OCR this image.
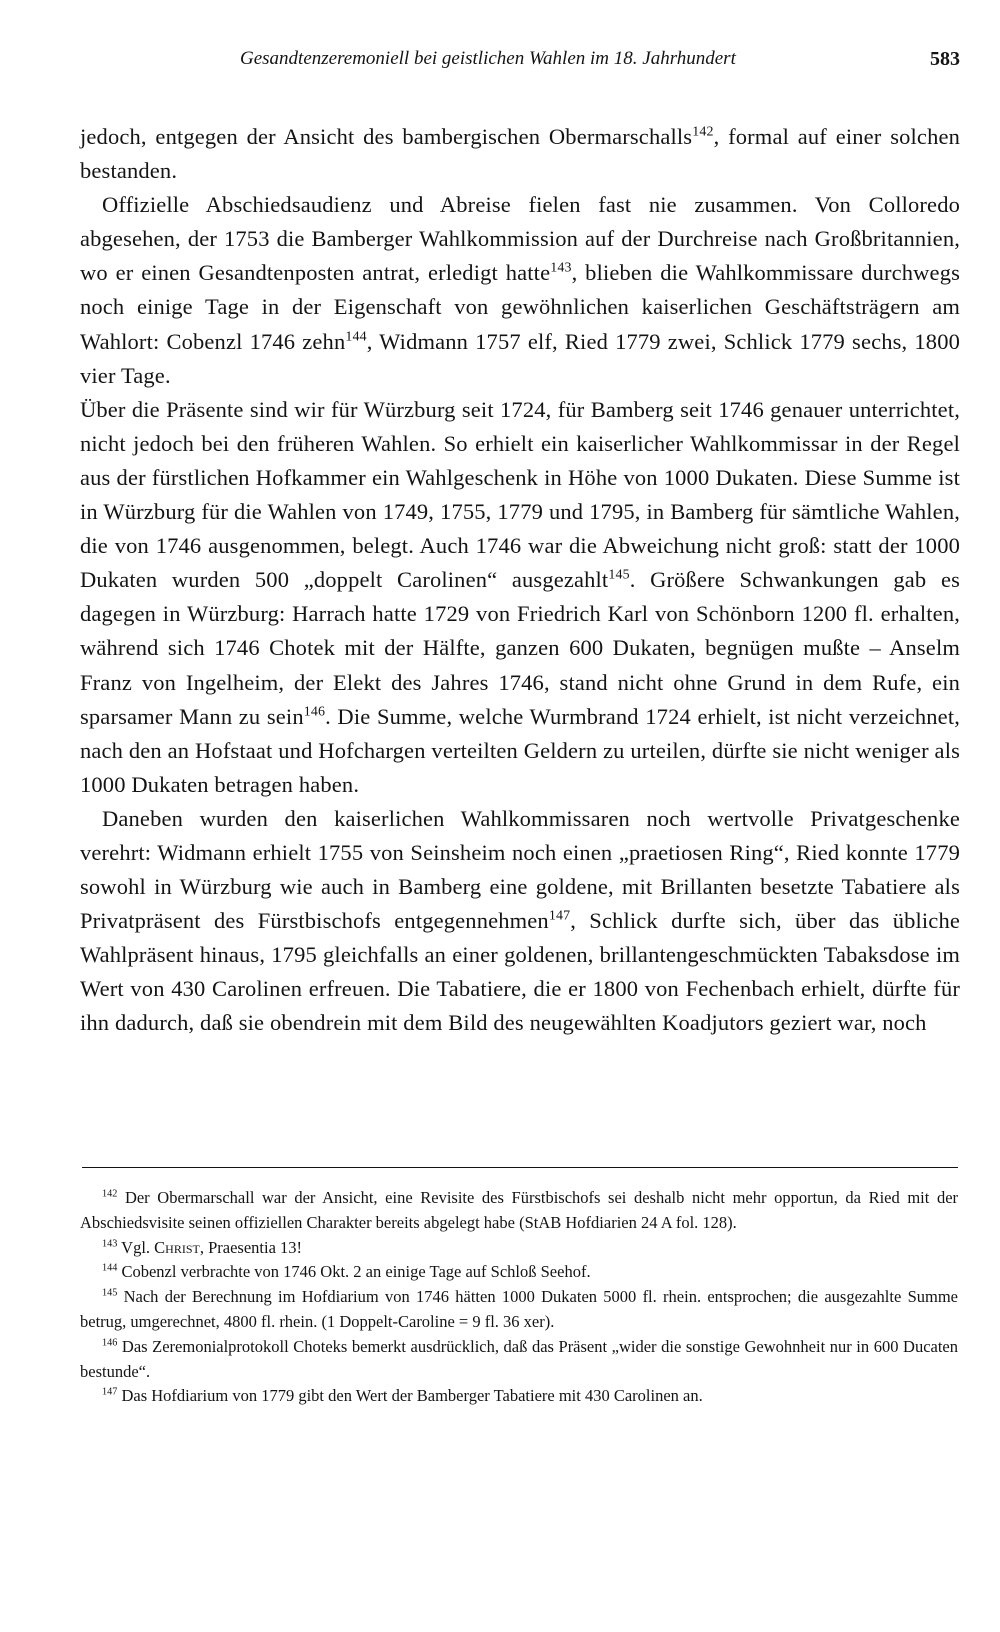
Gesandtenzeremoniell bei geistlichen Wahlen im 18. Jahrhundert	583

jedoch, entgegen der Ansicht des bambergischen Obermarschalls$^{142}$, formal auf einer solchen bestanden.

Offizielle Abschiedsaudienz und Abreise fielen fast nie zusammen. Von Colloredo abgesehen, der 1753 die Bamberger Wahlkommission auf der Durchreise nach Großbritannien, wo er einen Gesandtenposten antrat, erledigt hatte$^{143}$, blieben die Wahlkommissare durchwegs noch einige Tage in der Eigenschaft von gewöhnlichen kaiserlichen Geschäftsträgern am Wahlort: Cobenzl 1746 zehn$^{144}$, Widmann 1757 elf, Ried 1779 zwei, Schlick 1779 sechs, 1800 vier Tage.

Über die Präsente sind wir für Würzburg seit 1724, für Bamberg seit 1746 genauer unterrichtet, nicht jedoch bei den früheren Wahlen. So erhielt ein kaiserlicher Wahlkommissar in der Regel aus der fürstlichen Hofkammer ein Wahlgeschenk in Höhe von 1000 Dukaten. Diese Summe ist in Würzburg für die Wahlen von 1749, 1755, 1779 und 1795, in Bamberg für sämtliche Wahlen, die von 1746 ausgenommen, belegt. Auch 1746 war die Abweichung nicht groß: statt der 1000 Dukaten wurden 500 „doppelt Carolinen“ ausgezahlt$^{145}$. Größere Schwankungen gab es dagegen in Würzburg: Harrach hatte 1729 von Friedrich Karl von Schönborn 1200 fl. erhalten, während sich 1746 Chotek mit der Hälfte, ganzen 600 Dukaten, begnügen mußte – Anselm Franz von Ingelheim, der Elekt des Jahres 1746, stand nicht ohne Grund in dem Rufe, ein sparsamer Mann zu sein$^{146}$. Die Summe, welche Wurmbrand 1724 erhielt, ist nicht verzeichnet, nach den an Hofstaat und Hofchargen verteilten Geldern zu urteilen, dürfte sie nicht weniger als 1000 Dukaten betragen haben.

Daneben wurden den kaiserlichen Wahlkommissaren noch wertvolle Privatgeschenke verehrt: Widmann erhielt 1755 von Seinsheim noch einen „praetiosen Ring“, Ried konnte 1779 sowohl in Würzburg wie auch in Bamberg eine goldene, mit Brillanten besetzte Tabatiere als Privatpräsent des Fürstbischofs entgegennehmen$^{147}$, Schlick durfte sich, über das übliche Wahlpräsent hinaus, 1795 gleichfalls an einer goldenen, brillantengeschmückten Tabaksdose im Wert von 430 Carolinen erfreuen. Die Tabatiere, die er 1800 von Fechenbach erhielt, dürfte für ihn dadurch, daß sie obendrein mit dem Bild des neugewählten Koadjutors geziert war, noch

$^{142}$ Der Obermarschall war der Ansicht, eine Revisite des Fürstbischofs sei deshalb nicht mehr opportun, da Ried mit der Abschiedsvisite seinen offiziellen Charakter bereits abgelegt habe (StAB Hofdiarien 24 A fol. 128).

$^{143}$ Vgl. Christ, Praesentia 13!

$^{144}$ Cobenzl verbrachte von 1746 Okt. 2 an einige Tage auf Schloß Seehof.

$^{145}$ Nach der Berechnung im Hofdiarium von 1746 hätten 1000 Dukaten 5000 fl. rhein. entsprochen; die ausgezahlte Summe betrug, umgerechnet, 4800 fl. rhein. (1 Doppelt-Caroline = 9 fl. 36 xer).

$^{146}$ Das Zeremonialprotokoll Choteks bemerkt ausdrücklich, daß das Präsent „wider die sonstige Gewohnheit nur in 600 Ducaten bestunde“.

$^{147}$ Das Hofdiarium von 1779 gibt den Wert der Bamberger Tabatiere mit 430 Carolinen an.
